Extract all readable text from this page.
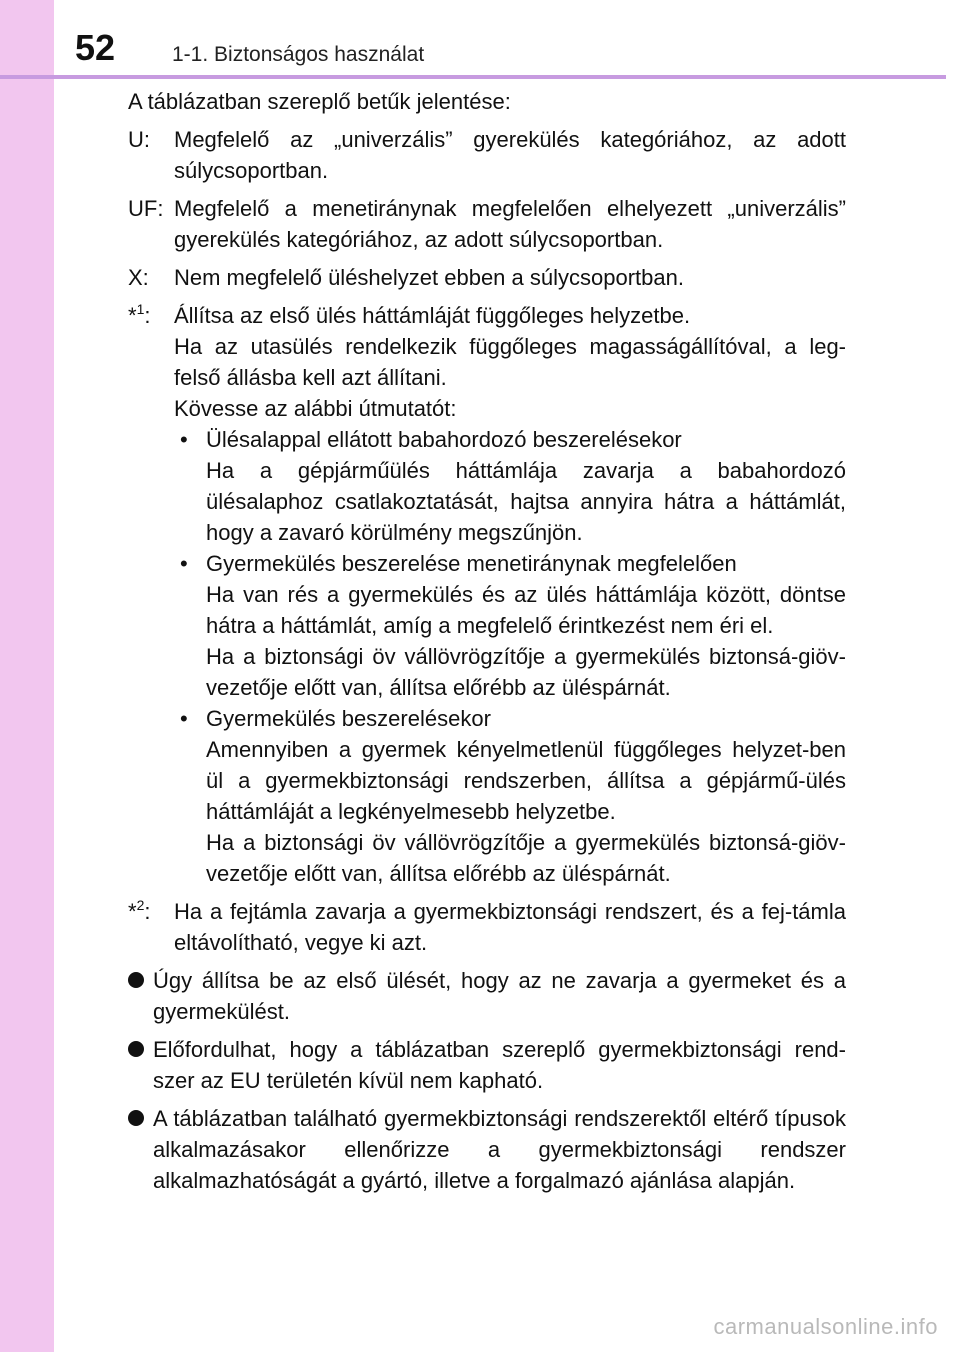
52	1-1. Biztonságos használat

A táblázatban szereplő betűk jelentése:

U:	Megfelelő az „univerzális” gyerekülés kategóriához, az adott súlycsoportban.
UF: Megfelelő a menetiránynak megfelelően elhelyezett „univerzális” gyerekülés kategóriához, az adott súlycsoportban.
X:	Nem megfelelő üléshelyzet ebben a súlycsoportban.
*$^1$:	Állítsa az első ülés háttámláját függőleges helyzetbe.

Ha az utasülés rendelkezik függőleges magasságállítóval, a leg-felső állásba kell azt állítani.

Kövesse az alábbi útmutatót:

• Ülésalappal ellátott babahordozó beszerelésekor

Ha a gépjárműülés háttámlája zavarja a babahordozó ülésalaphoz csatlakoztatását, hajtsa annyira hátra a háttámlát, hogy a zavaró körülmény megszűnjön.

• Gyermekülés beszerelése menetiránynak megfelelően

Ha van rés a gyermekülés és az ülés háttámlája között, döntse hátra a háttámlát, amíg a megfelelő érintkezést nem éri el.

Ha a biztonsági öv vállövrögzítője a gyermekülés biztonsá-giöv-vezetője előtt van, állítsa előrébb az üléspárnát.

• Gyermekülés beszerelésekor

Amennyiben a gyermek kényelmetlenül függőleges helyzet-ben ül a gyermekbiztonsági rendszerben, állítsa a gépjármű-ülés háttámláját a legkényelmesebb helyzetbe.

Ha a biztonsági öv vállövrögzítője a gyermekülés biztonsá-giöv-vezetője előtt van, állítsa előrébb az üléspárnát.

*$^2$:	Ha a fejtámla zavarja a gyermekbiztonsági rendszert, és a fej-támla eltávolítható, vegye ki azt.

Úgy állítsa be az első ülését, hogy az ne zavarja a gyermeket és a gyermekülést.

Előfordulhat, hogy a táblázatban szereplő gyermekbiztonsági rend-szer az EU területén kívül nem kapható.

A táblázatban található gyermekbiztonsági rendszerektől eltérő típusok alkalmazásakor ellenőrizze a gyermekbiztonsági rendszer alkalmazhatóságát a gyártó, illetve a forgalmazó ajánlása alapján.

carmanualsonline.info
